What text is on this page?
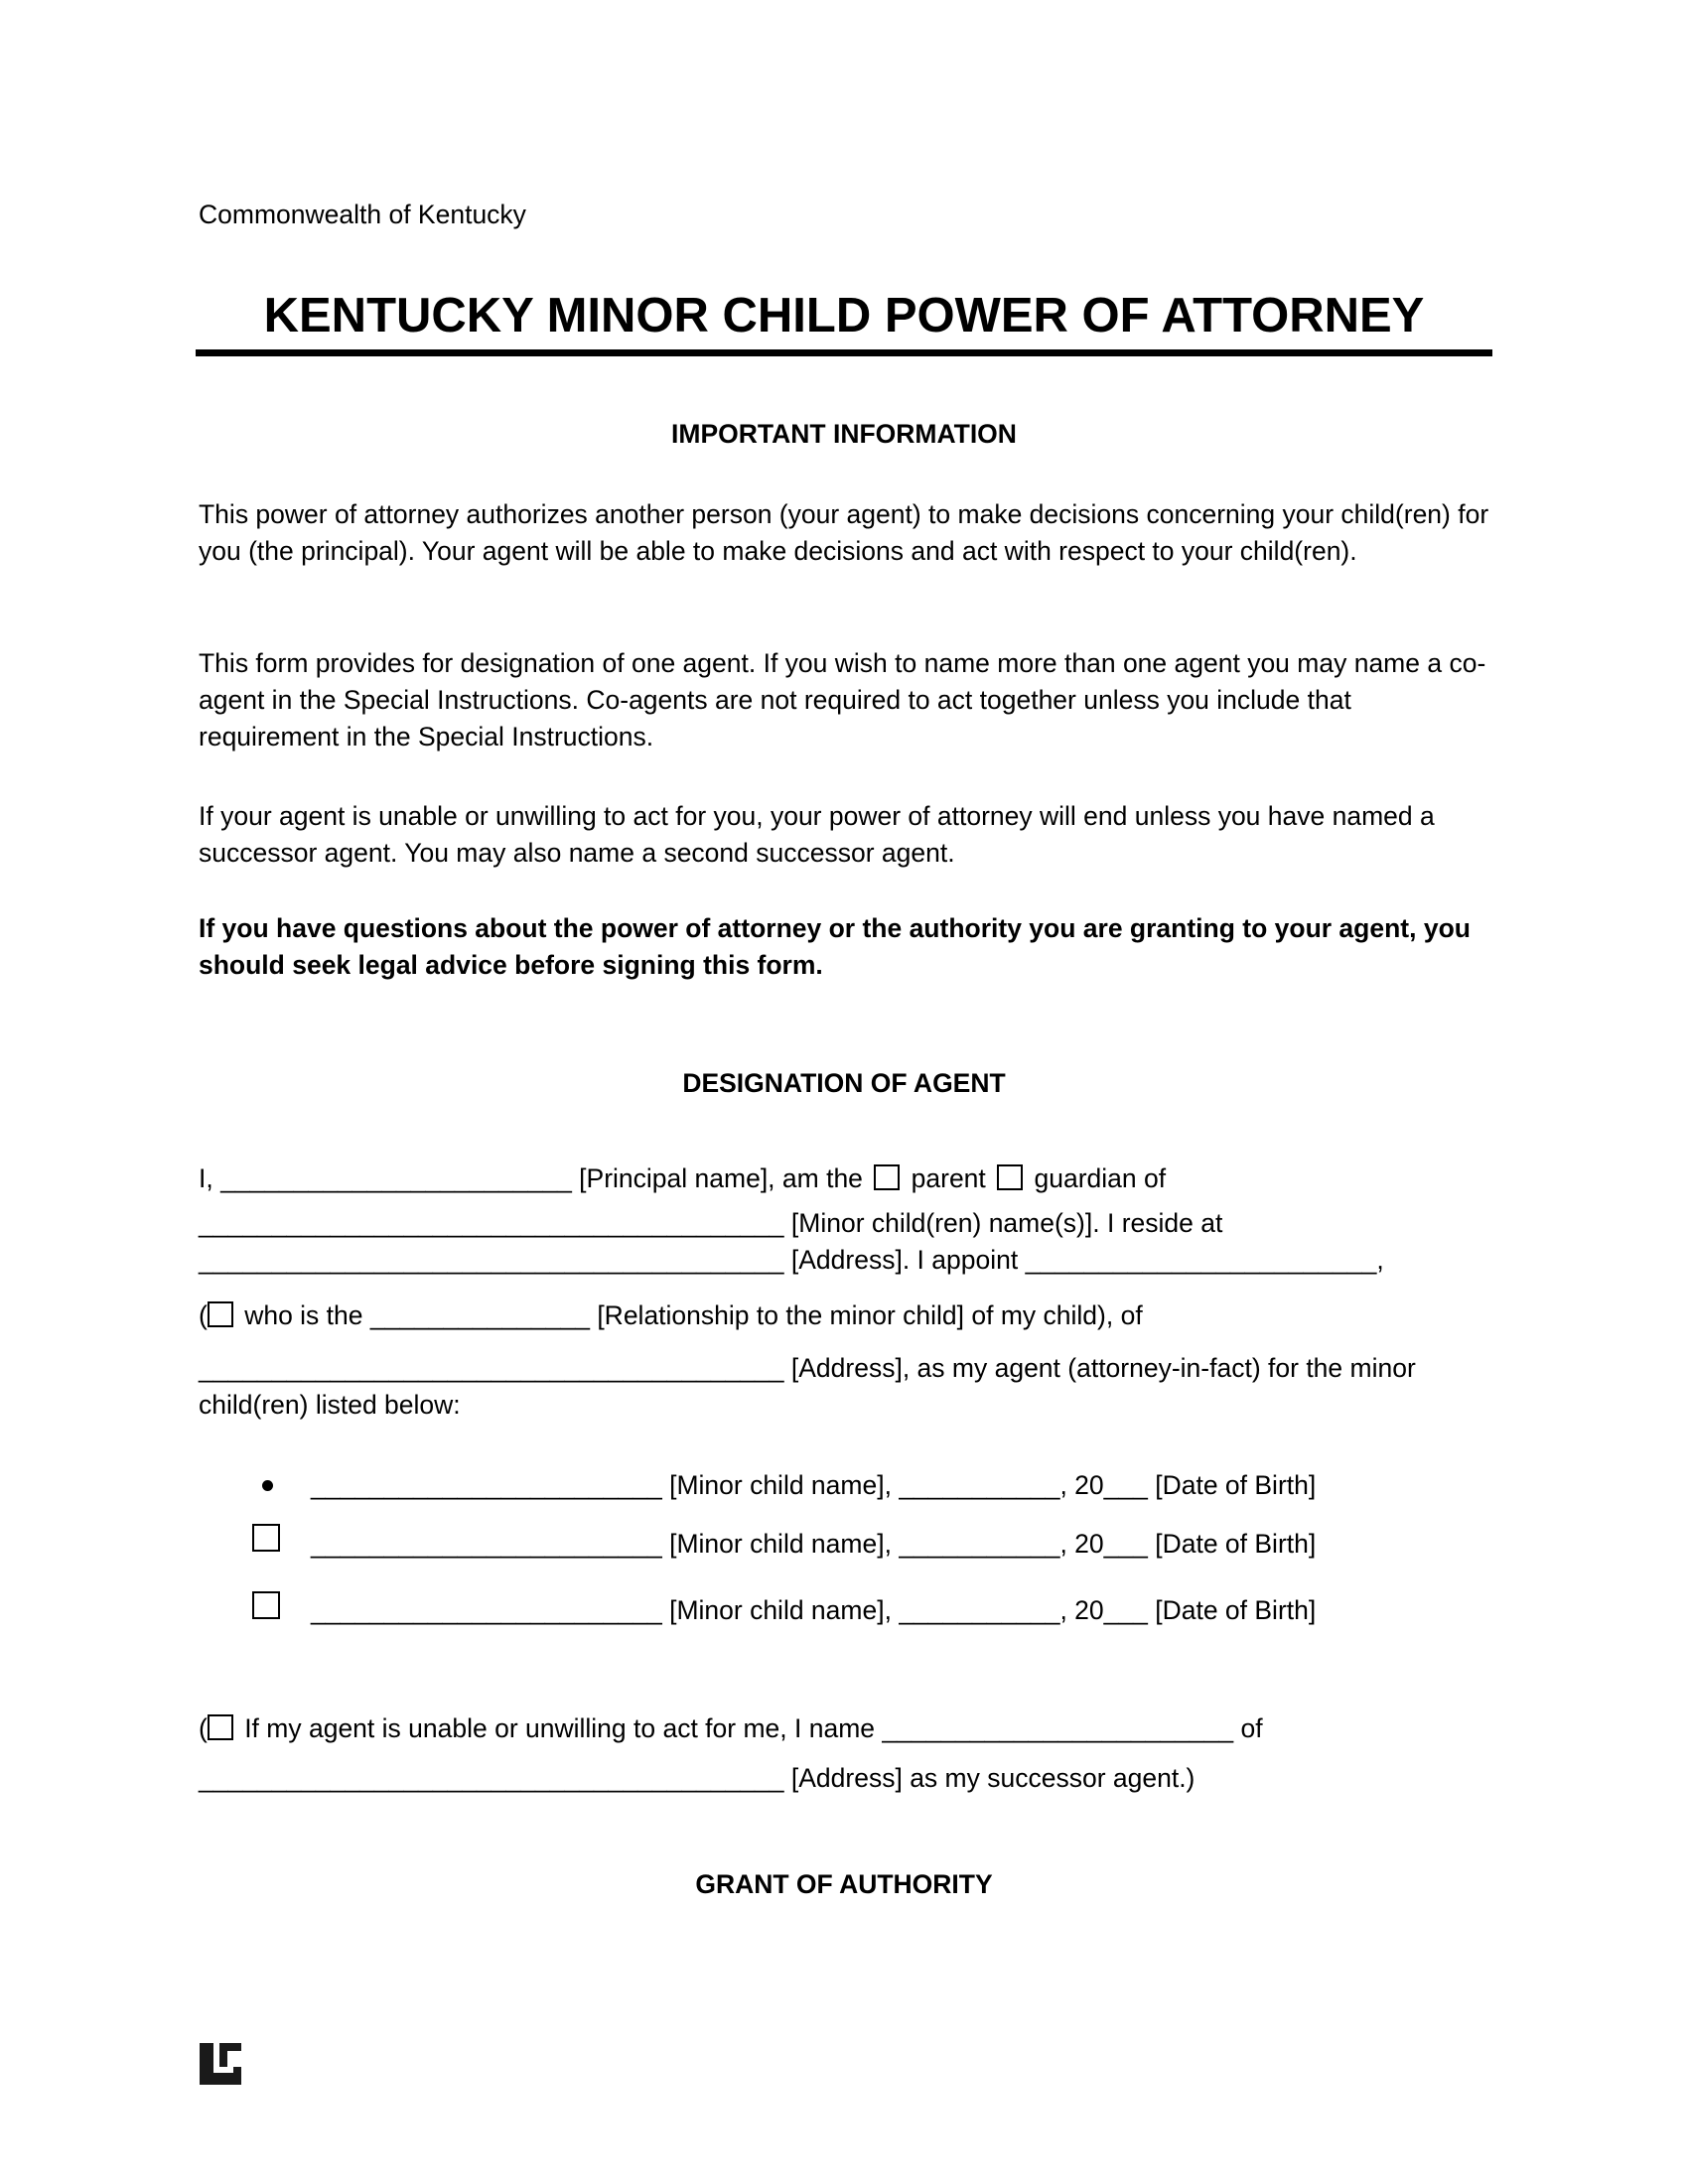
Commonwealth of Kentucky
KENTUCKY MINOR CHILD POWER OF ATTORNEY
IMPORTANT INFORMATION
This power of attorney authorizes another person (your agent) to make decisions concerning your child(ren) for you (the principal). Your agent will be able to make decisions and act with respect to your child(ren).
This form provides for designation of one agent. If you wish to name more than one agent you may name a co-agent in the Special Instructions. Co-agents are not required to act together unless you include that requirement in the Special Instructions.
If your agent is unable or unwilling to act for you, your power of attorney will end unless you have named a successor agent. You may also name a second successor agent.
If you have questions about the power of attorney or the authority you are granting to your agent, you should seek legal advice before signing this form.
DESIGNATION OF AGENT
I, ________________________ [Principal name], am the  parent  guardian of
________________________________________ [Minor child(ren) name(s)]. I reside at
________________________________________ [Address]. I appoint ________________________,
( who is the _______________ [Relationship to the minor child] of my child), of
________________________________________ [Address], as my agent (attorney-in-fact) for the minor
child(ren) listed below:
________________________ [Minor child name], ___________, 20___ [Date of Birth]
________________________ [Minor child name], ___________, 20___ [Date of Birth]
________________________ [Minor child name], ___________, 20___ [Date of Birth]
( If my agent is unable or unwilling to act for me, I name ________________________ of
________________________________________ [Address] as my successor agent.)
GRANT OF AUTHORITY
